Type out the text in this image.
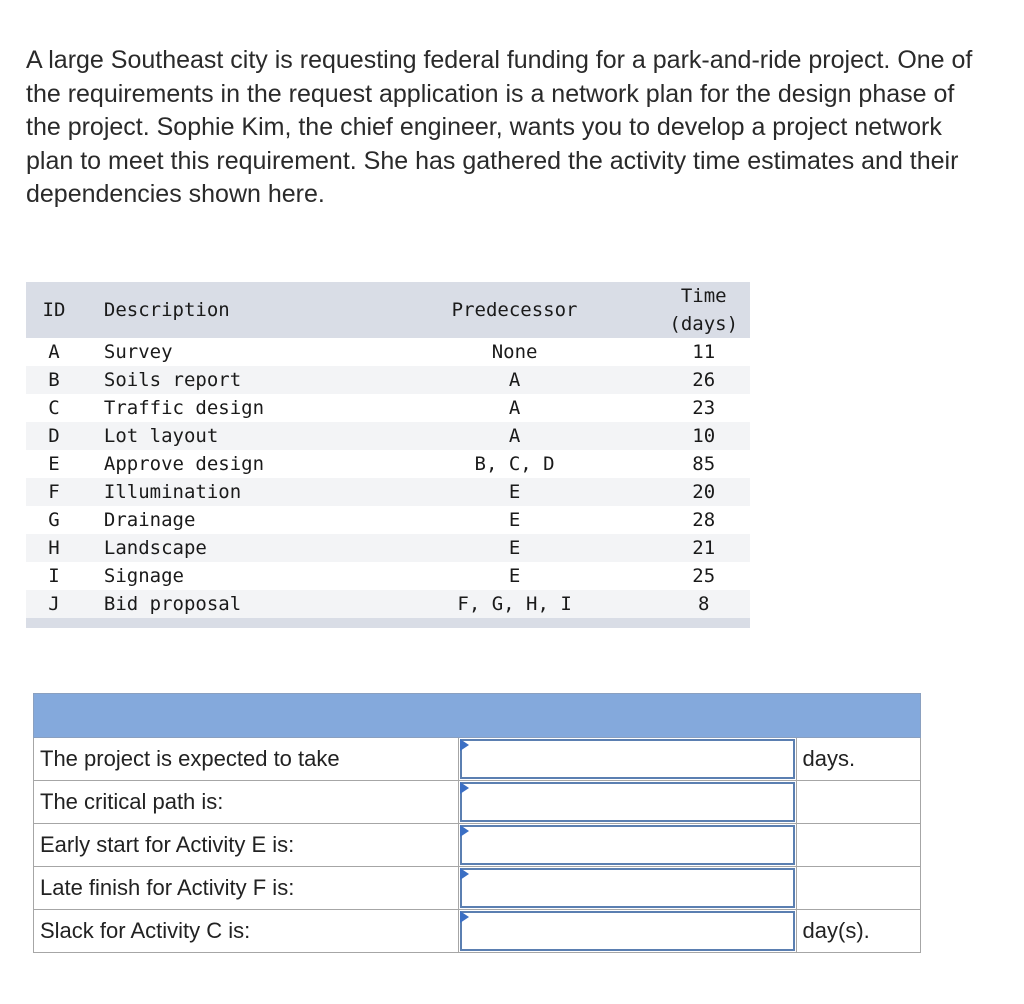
A large Southeast city is requesting federal funding for a park-and-ride project. One of the requirements in the request application is a network plan for the design phase of the project. Sophie Kim, the chief engineer, wants you to develop a project network plan to meet this requirement. She has gathered the activity time estimates and their dependencies shown here.

ID	Description	Predecessor	Time
(days)

A	Survey	None	11
B	Soils report	A	26
C	Traffic design	A	23
D	Lot layout	A	10
E	Approve design	B, C, D	85
F	Illumination	E	20
G	Drainage	E	28
H	Landscape	E	21
I	Signage	E	25
J	Bid proposal	F, G, H, I	8

The project is expected to take		days.
The critical path is:	

Early start for Activity E is:	

Late finish for Activity F is:	

Slack for Activity C is:		day(s).
